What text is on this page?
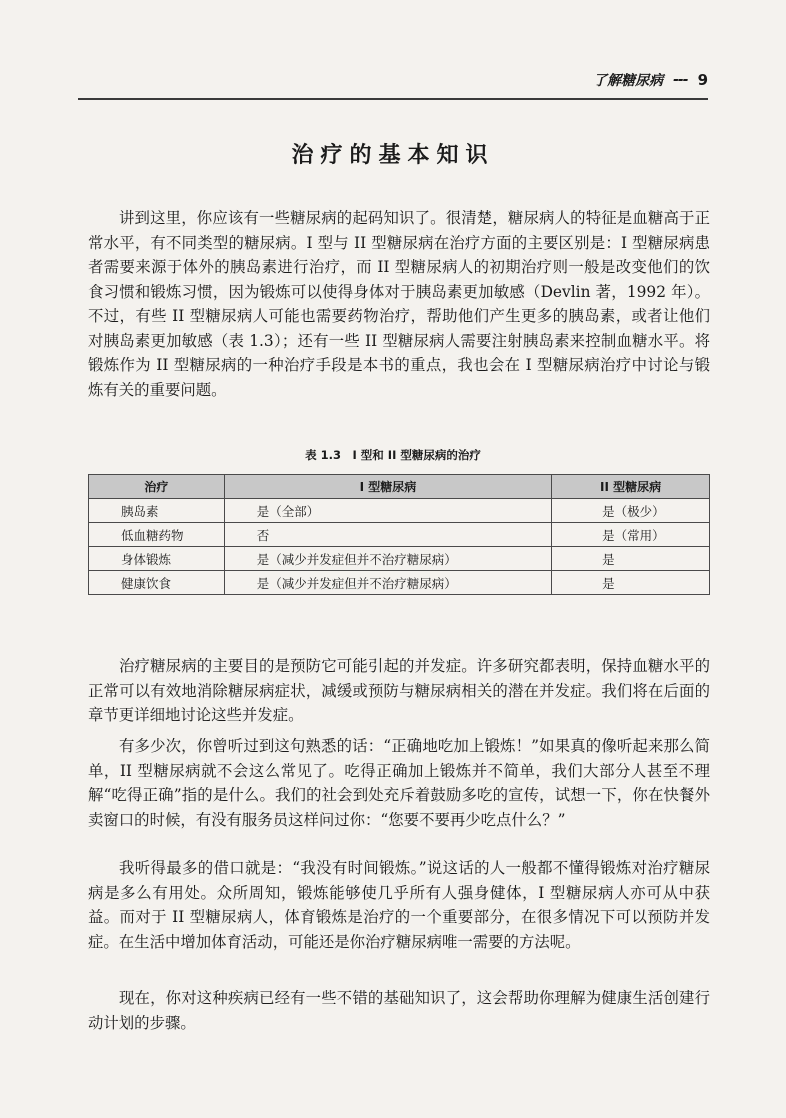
了解糖尿病 --- 9
治疗的基本知识

讲到这里，你应该有一些糖尿病的起码知识了。很清楚，糖尿病人的特征是血糖高于正常水平，有不同类型的糖尿病。I 型与 II 型糖尿病在治疗方面的主要区别是：I 型糖尿病患者需要来源于体外的胰岛素进行治疗，而 II 型糖尿病人的初期治疗则一般是改变他们的饮食习惯和锻炼习惯，因为锻炼可以使得身体对于胰岛素更加敏感（Devlin 著，1992 年）。不过，有些 II 型糖尿病人可能也需要药物治疗，帮助他们产生更多的胰岛素，或者让他们对胰岛素更加敏感（表 1.3）；还有一些 II 型糖尿病人需要注射胰岛素来控制血糖水平。将锻炼作为 II 型糖尿病的一种治疗手段是本书的重点，我也会在 I 型糖尿病治疗中讨论与锻炼有关的重要问题。

表 1.3　I 型和 II 型糖尿病的治疗
治疗	I 型糖尿病	II 型糖尿病
胰岛素	是（全部）	是（极少）
低血糖药物	否	是（常用）
身体锻炼	是（减少并发症但并不治疗糖尿病）	是
健康饮食	是（减少并发症但并不治疗糖尿病）	是

治疗糖尿病的主要目的是预防它可能引起的并发症。许多研究都表明，保持血糖水平的正常可以有效地消除糖尿病症状，减缓或预防与糖尿病相关的潜在并发症。我们将在后面的章节更详细地讨论这些并发症。

有多少次，你曾听过到这句熟悉的话：“正确地吃加上锻炼！”如果真的像听起来那么简单，II 型糖尿病就不会这么常见了。吃得正确加上锻炼并不简单，我们大部分人甚至不理解“吃得正确”指的是什么。我们的社会到处充斥着鼓励多吃的宣传，试想一下，你在快餐外卖窗口的时候，有没有服务员这样问过你：“您要不要再少吃点什么？”

我听得最多的借口就是：“我没有时间锻炼。”说这话的人一般都不懂得锻炼对治疗糖尿病是多么有用处。众所周知，锻炼能够使几乎所有人强身健体，I 型糖尿病人亦可从中获益。而对于 II 型糖尿病人，体育锻炼是治疗的一个重要部分，在很多情况下可以预防并发症。在生活中增加体育活动，可能还是你治疗糖尿病唯一需要的方法呢。

现在，你对这种疾病已经有一些不错的基础知识了，这会帮助你理解为健康生活创建行动计划的步骤。
